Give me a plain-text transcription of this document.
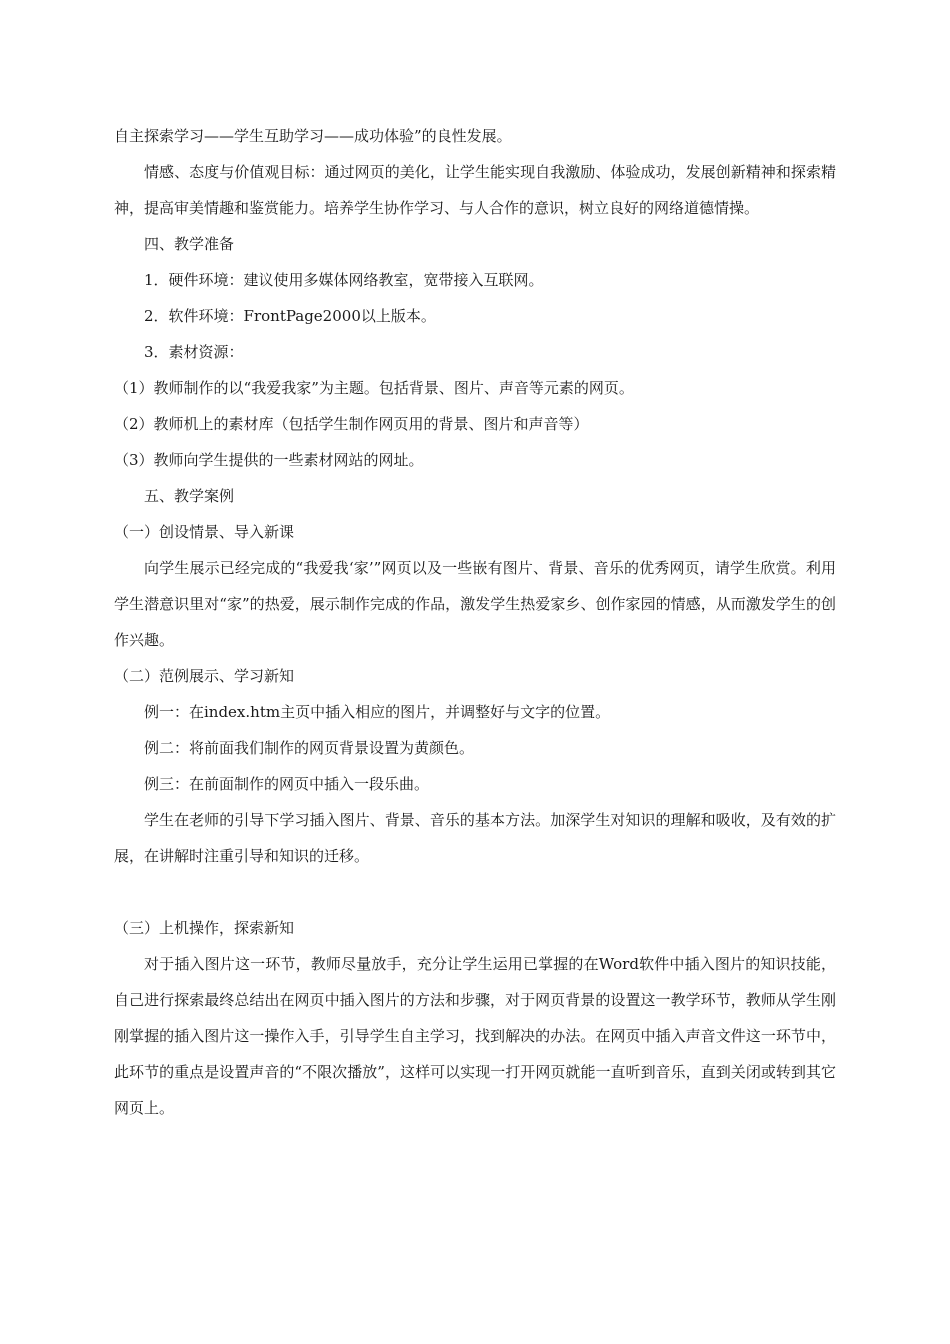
自主探索学习——学生互助学习——成功体验”的良性发展。

情感、态度与价值观目标：通过网页的美化，让学生能实现自我激励、体验成功，发展创新精神和探索精神，提高审美情趣和鉴赏能力。培养学生协作学习、与人合作的意识，树立良好的网络道德情操。

四、教学准备

1．硬件环境：建议使用多媒体网络教室，宽带接入互联网。

2．软件环境：FrontPage2000以上版本。

3．素材资源：

（1）教师制作的以“我爱我家”为主题。包括背景、图片、声音等元素的网页。

（2）教师机上的素材库（包括学生制作网页用的背景、图片和声音等）

（3）教师向学生提供的一些素材网站的网址。

五、教学案例

（一）创设情景、导入新课

向学生展示已经完成的“我爱我‘家’”网页以及一些嵌有图片、背景、音乐的优秀网页，请学生欣赏。利用学生潜意识里对“家”的热爱，展示制作完成的作品，激发学生热爱家乡、创作家园的情感，从而激发学生的创作兴趣。

（二）范例展示、学习新知

例一：在index.htm主页中插入相应的图片，并调整好与文字的位置。

例二：将前面我们制作的网页背景设置为黄颜色。

例三：在前面制作的网页中插入一段乐曲。

学生在老师的引导下学习插入图片、背景、音乐的基本方法。加深学生对知识的理解和吸收，及有效的扩展，在讲解时注重引导和知识的迁移。

（三）上机操作，探索新知

对于插入图片这一环节，教师尽量放手，充分让学生运用已掌握的在Word软件中插入图片的知识技能，自己进行探索最终总结出在网页中插入图片的方法和步骤，对于网页背景的设置这一教学环节，教师从学生刚刚掌握的插入图片这一操作入手，引导学生自主学习，找到解决的办法。在网页中插入声音文件这一环节中，此环节的重点是设置声音的“不限次播放”，这样可以实现一打开网页就能一直听到音乐，直到关闭或转到其它网页上。
